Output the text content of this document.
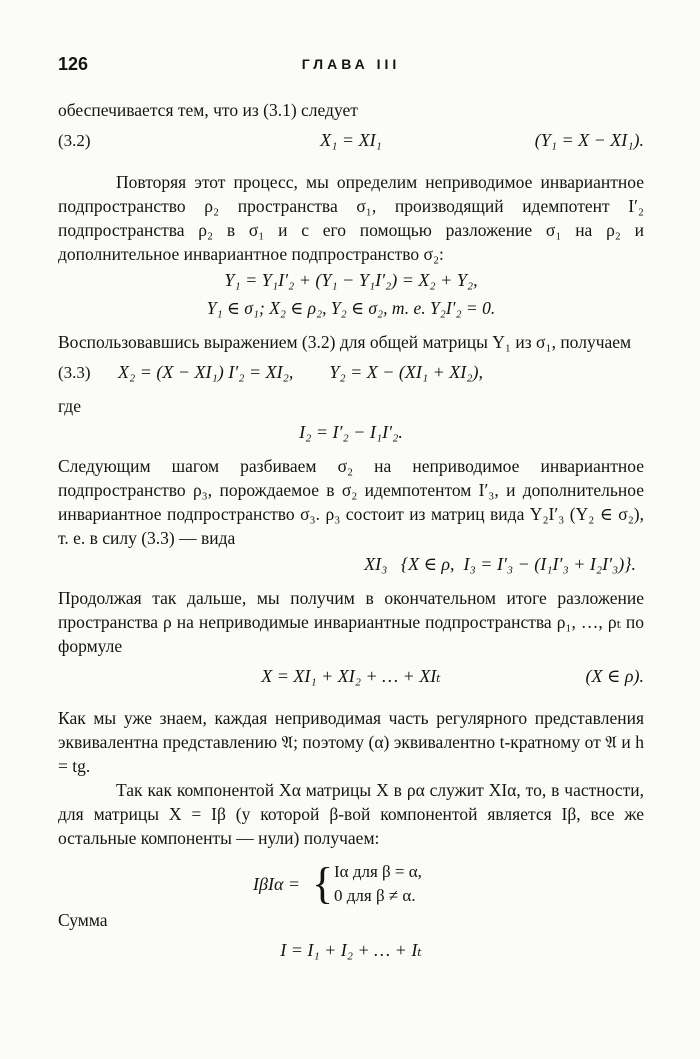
126	ГЛАВА III

обеспечивается тем, что из (3.1) следует

(3.2)	X₁ = XI₁	(Y₁ = X − XI₁).

Повторяя этот процесс, мы определим неприводимое инвариантное подпространство ρ₂ пространства σ₁, производящий идемпотент I′₂ подпространства ρ₂ в σ₁ и с его помощью разложение σ₁ на ρ₂ и дополнительное инвариантное подпространство σ₂:

Y₁ = Y₁I′₂ + (Y₁ − Y₁I′₂) = X₂ + Y₂,
Y₁ ∈ σ₁; X₂ ∈ ρ₂, Y₂ ∈ σ₂, т. е. Y₂I′₂ = 0.

Воспользовавшись выражением (3.2) для общей матрицы Y₁ из σ₁, получаем

(3.3) X₂ = (X − XI₁) I′₂ = XI₂,        Y₂ = X − (XI₁ + XI₂),

где

I₂ = I′₂ − I₁I′₂.

Следующим шагом разбиваем σ₂ на неприводимое инвариантное подпространство ρ₃, порождаемое в σ₂ идемпотентом I′₃, и дополнительное инвариантное подпространство σ₃. ρ₃ состоит из матриц вида Y₂I′₃ (Y₂ ∈ σ₂), т. е. в силу (3.3) — вида

XI₃   {X ∈ ρ,  I₃ = I′₃ − (I₁I′₃ + I₂I′₃)}.

Продолжая так дальше, мы получим в окончательном итоге разложение пространства ρ на неприводимые инвариантные подпространства ρ₁, …, ρₜ по формуле

X = XI₁ + XI₂ + … + XIₜ	(X ∈ ρ).

Как мы уже знаем, каждая неприводимая часть регулярного представления эквивалентна представлению 𝔄; поэтому (α) эквивалентно t-кратному от 𝔄 и h = tg.

Так как компонентой Xα матрицы X в ρα служит XIα, то, в частности, для матрицы X = Iβ (у которой β-вой компонентой является Iβ, все же остальные компоненты — нули) получаем:

IβIα = { Iα для β = α,
0 для β ≠ α.

Сумма

I = I₁ + I₂ + … + Iₜ
